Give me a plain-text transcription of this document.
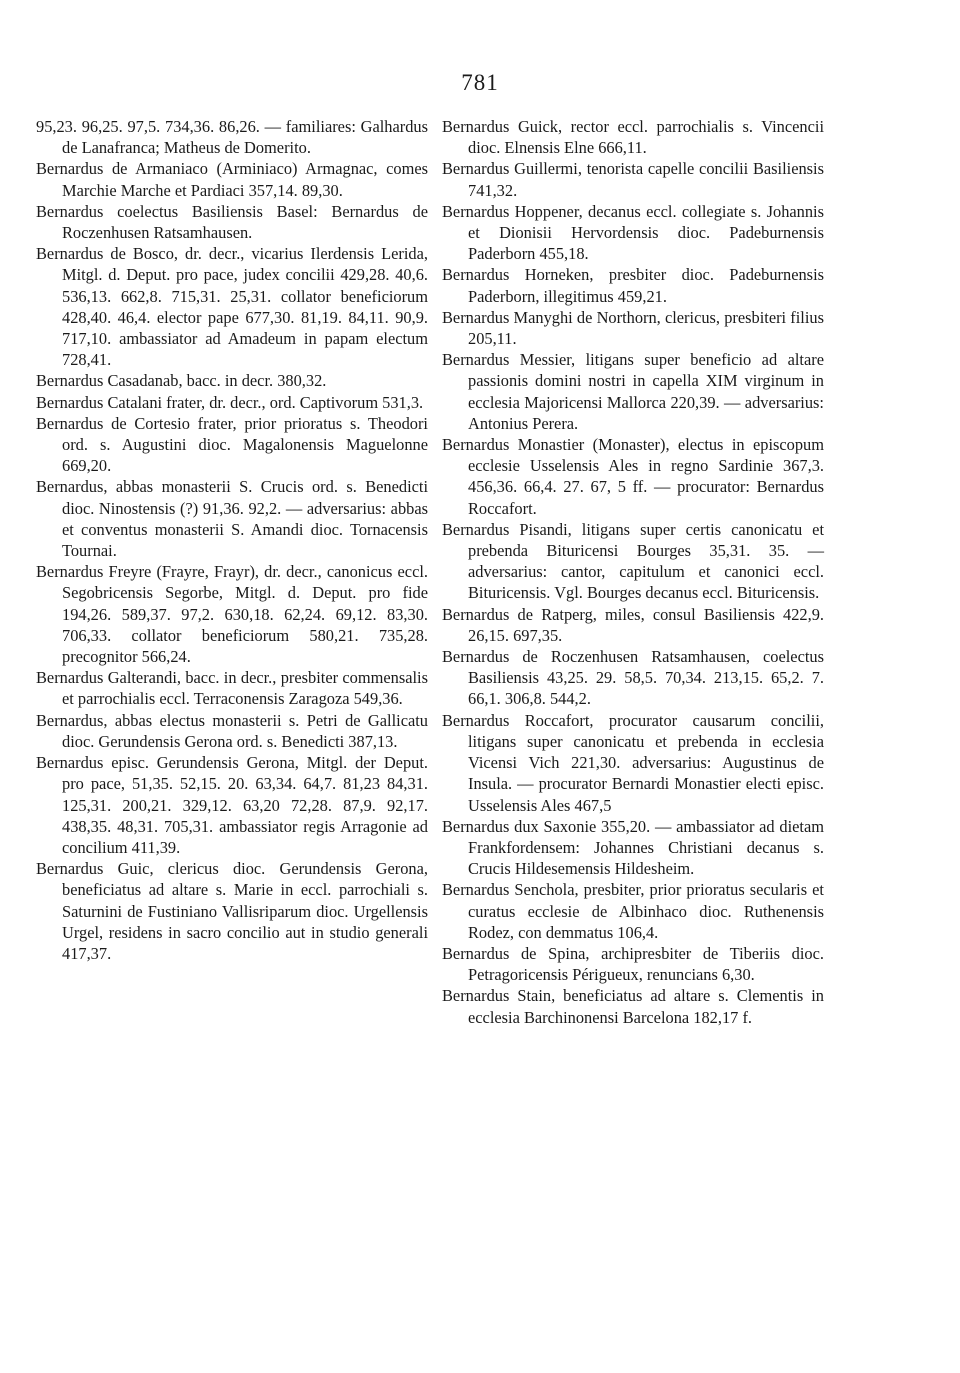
781

95,23. 96,25. 97,5. 734,36. 86,26. — familiares: Galhardus de Lanafranca; Matheus de Domerito.

Bernardus de Armaniaco (Arminiaco) Armagnac, comes Marchie Marche et Pardiaci 357,14. 89,30.

Bernardus coelectus Basiliensis Basel: Bernardus de Roczenhusen Ratsamhausen.

Bernardus de Bosco, dr. decr., vicarius Ilerdensis Lerida, Mitgl. d. Deput. pro pace, judex concilii 429,28. 40,6. 536,13. 662,8. 715,31. 25,31. collator beneficiorum 428,40. 46,4. elector pape 677,30. 81,19. 84,11. 90,9. 717,10. ambassiator ad Amadeum in papam electum 728,41.

Bernardus Casadanab, bacc. in decr. 380,32.

Bernardus Catalani frater, dr. decr., ord. Captivorum 531,3.

Bernardus de Cortesio frater, prior prioratus s. Theodori ord. s. Augustini dioc. Magalonensis Maguelonne 669,20.

Bernardus, abbas monasterii S. Crucis ord. s. Benedicti dioc. Ninostensis (?) 91,36. 92,2. — adversarius: abbas et conventus monasterii S. Amandi dioc. Tornacensis Tournai.

Bernardus Freyre (Frayre, Frayr), dr. decr., canonicus eccl. Segobricensis Segorbe, Mitgl. d. Deput. pro fide 194,26. 589,37. 97,2. 630,18. 62,24. 69,12. 83,30. 706,33. collator beneficiorum 580,21. 735,28. precognitor 566,24.

Bernardus Galterandi, bacc. in decr., presbiter commensalis et parrochialis eccl. Terraconensis Zaragoza 549,36.

Bernardus, abbas electus monasterii s. Petri de Gallicatu dioc. Gerundensis Gerona ord. s. Benedicti 387,13.

Bernardus episc. Gerundensis Gerona, Mitgl. der Deput. pro pace, 51,35. 52,15. 20. 63,34. 64,7. 81,23 84,31. 125,31. 200,21. 329,12. 63,20 72,28. 87,9. 92,17. 438,35. 48,31. 705,31. ambassiator regis Arragonie ad concilium 411,39.

Bernardus Guic, clericus dioc. Gerundensis Gerona, beneficiatus ad altare s. Marie in eccl. parrochiali s. Saturnini de Fustiniano Vallisriparum dioc. Urgellensis Urgel, residens in sacro concilio aut in studio generali 417,37.

Bernardus Guick, rector eccl. parrochialis s. Vincencii dioc. Elnensis Elne 666,11.

Bernardus Guillermi, tenorista capelle concilii Basiliensis 741,32.

Bernardus Hoppener, decanus eccl. collegiate s. Johannis et Dionisii Hervordensis dioc. Padeburnensis Paderborn 455,18.

Bernardus Horneken, presbiter dioc. Padeburnensis Paderborn, illegitimus 459,21.

Bernardus Manyghi de Northorn, clericus, presbiteri filius 205,11.

Bernardus Messier, litigans super beneficio ad altare passionis domini nostri in capella XIM virginum in ecclesia Majoricensi Mallorca 220,39. — adversarius: Antonius Perera.

Bernardus Monastier (Monaster), electus in episcopum ecclesie Usselensis Ales in regno Sardinie 367,3. 456,36. 66,4. 27. 67, 5 ff. — procurator: Bernardus Roccafort.

Bernardus Pisandi, litigans super certis canonicatu et prebenda Bituricensi Bourges 35,31. 35. — adversarius: cantor, capitulum et canonici eccl. Bituricensis. Vgl. Bourges decanus eccl. Bituricensis.

Bernardus de Ratperg, miles, consul Basiliensis 422,9. 26,15. 697,35.

Bernardus de Roczenhusen Ratsamhausen, coelectus Basiliensis 43,25. 29. 58,5. 70,34. 213,15. 65,2. 7. 66,1. 306,8. 544,2.

Bernardus Roccafort, procurator causarum concilii, litigans super canonicatu et prebenda in ecclesia Vicensi Vich 221,30. adversarius: Augustinus de Insula. — procurator Bernardi Monastier electi episc. Usselensis Ales 467,5

Bernardus dux Saxonie 355,20. — ambassiator ad dietam Frankfordensem: Johannes Christiani decanus s. Crucis Hildesemensis Hildesheim.

Bernardus Senchola, presbiter, prior prioratus secularis et curatus ecclesie de Albinhaco dioc. Ruthenensis Rodez, con demmatus 106,4.

Bernardus de Spina, archipresbiter de Tiberiis dioc. Petragoricensis Périgueux, renuncians 6,30.

Bernardus Stain, beneficiatus ad altare s. Clementis in ecclesia Barchinonensi Barcelona 182,17 f.
